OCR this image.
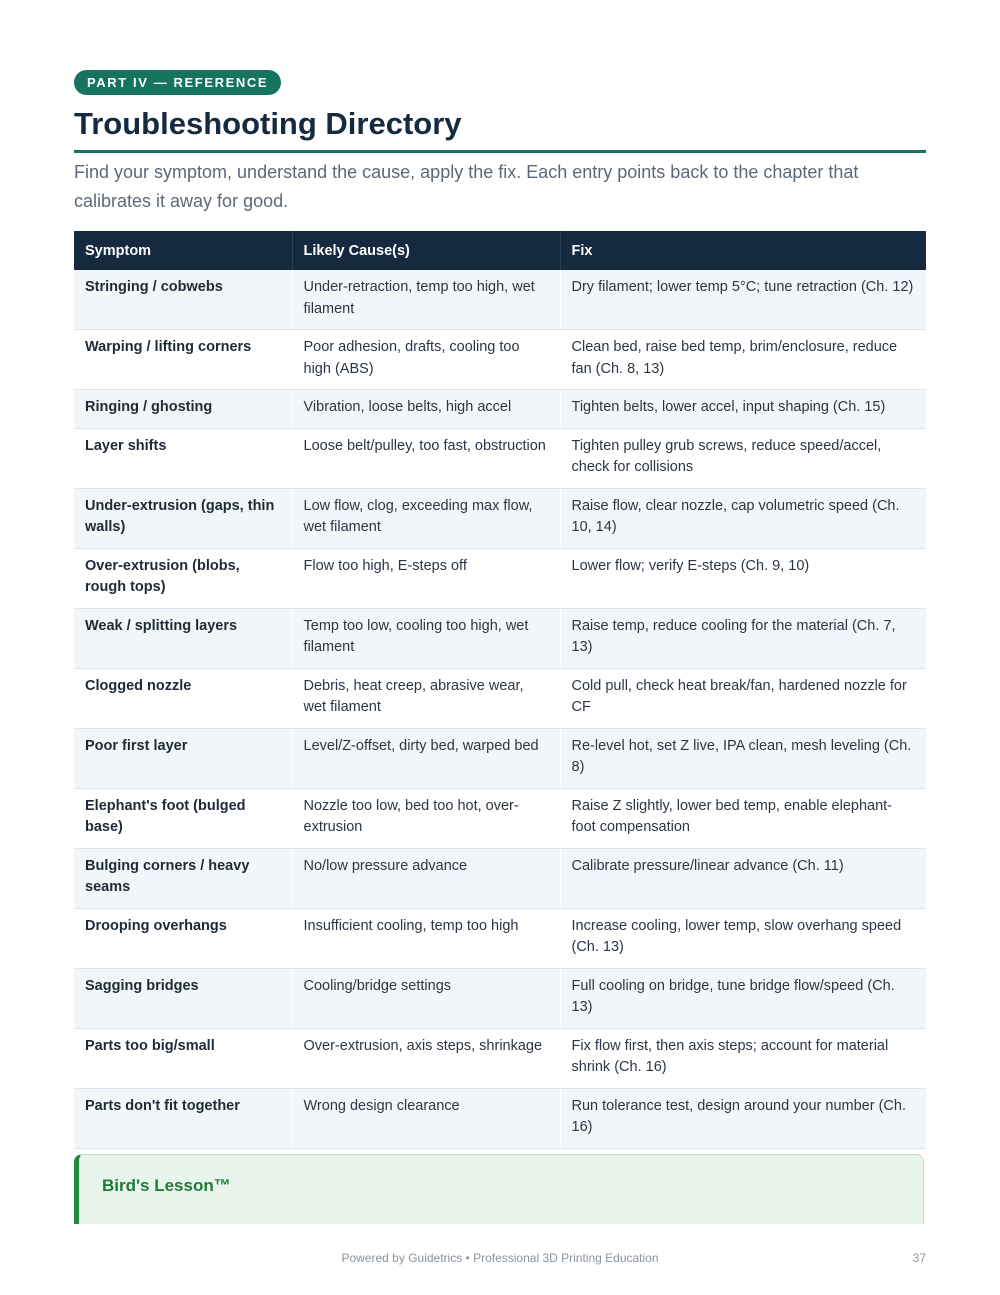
PART IV — REFERENCE
Troubleshooting Directory

Find your symptom, understand the cause, apply the fix. Each entry points back to the chapter that calibrates it away for good.

Symptom	Likely Cause(s)	Fix
Stringing / cobwebs	Under-retraction, temp too high, wet filament	Dry filament; lower temp 5°C; tune retraction (Ch. 12)
Warping / lifting corners	Poor adhesion, drafts, cooling too high (ABS)	Clean bed, raise bed temp, brim/enclosure, reduce fan (Ch. 8, 13)
Ringing / ghosting	Vibration, loose belts, high accel	Tighten belts, lower accel, input shaping (Ch. 15)
Layer shifts	Loose belt/pulley, too fast, obstruction	Tighten pulley grub screws, reduce speed/accel, check for collisions
Under-extrusion (gaps, thin walls)	Low flow, clog, exceeding max flow, wet filament	Raise flow, clear nozzle, cap volumetric speed (Ch. 10, 14)
Over-extrusion (blobs, rough tops)	Flow too high, E-steps off	Lower flow; verify E-steps (Ch. 9, 10)
Weak / splitting layers	Temp too low, cooling too high, wet filament	Raise temp, reduce cooling for the material (Ch. 7, 13)
Clogged nozzle	Debris, heat creep, abrasive wear, wet filament	Cold pull, check heat break/fan, hardened nozzle for CF
Poor first layer	Level/Z-offset, dirty bed, warped bed	Re-level hot, set Z live, IPA clean, mesh leveling (Ch. 8)
Elephant's foot (bulged base)	Nozzle too low, bed too hot, over-extrusion	Raise Z slightly, lower bed temp, enable elephant-foot compensation
Bulging corners / heavy seams	No/low pressure advance	Calibrate pressure/linear advance (Ch. 11)
Drooping overhangs	Insufficient cooling, temp too high	Increase cooling, lower temp, slow overhang speed (Ch. 13)
Sagging bridges	Cooling/bridge settings	Full cooling on bridge, tune bridge flow/speed (Ch. 13)
Parts too big/small	Over-extrusion, axis steps, shrinkage	Fix flow first, then axis steps; account for material shrink (Ch. 16)
Parts don't fit together	Wrong design clearance	Run tolerance test, design around your number (Ch. 16)
Bird's Lesson™
Powered by Guidetrics • Professional 3D Printing Education	37
